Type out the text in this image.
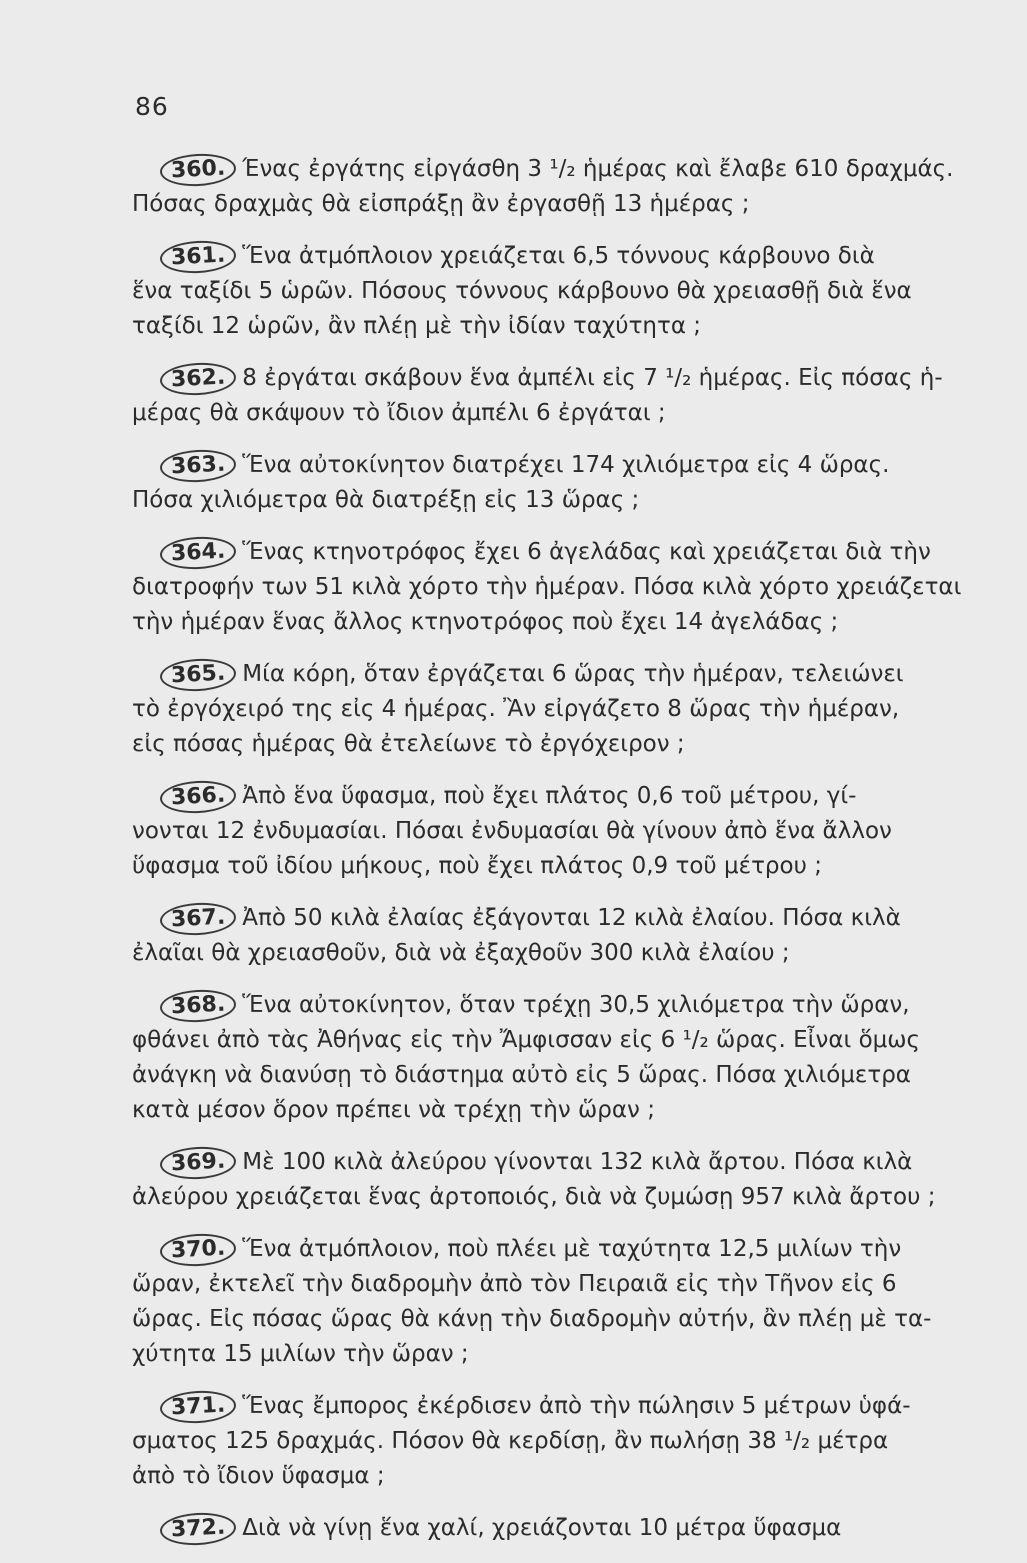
86
360. Ένας ἐργάτης εἰργάσθη 3 ¹/₂ ἡμέρας καὶ ἔλαβε 610 δραχμάς.
Πόσας δραχμὰς θὰ εἰσπράξῃ ἂν ἐργασθῇ 13 ἡμέρας ;
361. Ἕνα ἀτμόπλοιον χρειάζεται 6,5 τόννους κάρβουνο διὰ
ἕνα ταξίδι 5 ὡρῶν. Πόσους τόννους κάρβουνο θὰ χρειασθῇ διὰ ἕνα
ταξίδι 12 ὡρῶν, ἂν πλέῃ μὲ τὴν ἰδίαν ταχύτητα ;
362. 8 ἐργάται σκάβουν ἕνα ἀμπέλι εἰς 7 ¹/₂ ἡμέρας. Εἰς πόσας ἡ-
μέρας θὰ σκάψουν τὸ ἴδιον ἀμπέλι 6 ἐργάται ;
363. Ἕνα αὐτοκίνητον διατρέχει 174 χιλιόμετρα εἰς 4 ὥρας.
Πόσα χιλιόμετρα θὰ διατρέξῃ εἰς 13 ὥρας ;
364. Ἕνας κτηνοτρόφος ἔχει 6 ἀγελάδας καὶ χρειάζεται διὰ τὴν
διατροφήν των 51 κιλὰ χόρτο τὴν ἡμέραν. Πόσα κιλὰ χόρτο χρειάζεται
τὴν ἡμέραν ἕνας ἄλλος κτηνοτρόφος ποὺ ἔχει 14 ἀγελάδας ;
365. Μία κόρη, ὅταν ἐργάζεται 6 ὥρας τὴν ἡμέραν, τελειώνει
τὸ ἐργόχειρό της εἰς 4 ἡμέρας. Ἂν εἰργάζετο 8 ὥρας τὴν ἡμέραν,
εἰς πόσας ἡμέρας θὰ ἐτελείωνε τὸ ἐργόχειρον ;
366. Ἀπὸ ἕνα ὕφασμα, ποὺ ἔχει πλάτος 0,6 τοῦ μέτρου, γί-
νονται 12 ἐνδυμασίαι. Πόσαι ἐνδυμασίαι θὰ γίνουν ἀπὸ ἕνα ἄλλον
ὕφασμα τοῦ ἰδίου μήκους, ποὺ ἔχει πλάτος 0,9 τοῦ μέτρου ;
367. Ἀπὸ 50 κιλὰ ἐλαίας ἐξάγονται 12 κιλὰ ἐλαίου. Πόσα κιλὰ
ἐλαῖαι θὰ χρειασθοῦν, διὰ νὰ ἐξαχθοῦν 300 κιλὰ ἐλαίου ;
368. Ἕνα αὐτοκίνητον, ὅταν τρέχῃ 30,5 χιλιόμετρα τὴν ὥραν,
φθάνει ἀπὸ τὰς Ἀθήνας εἰς τὴν Ἄμφισσαν εἰς 6 ¹/₂ ὥρας. Εἶναι ὅμως
ἀνάγκη νὰ διανύσῃ τὸ διάστημα αὐτὸ εἰς 5 ὥρας. Πόσα χιλιόμετρα
κατὰ μέσον ὅρον πρέπει νὰ τρέχῃ τὴν ὥραν ;
369. Μὲ 100 κιλὰ ἀλεύρου γίνονται 132 κιλὰ ἄρτου. Πόσα κιλὰ
ἀλεύρου χρειάζεται ἕνας ἀρτοποιός, διὰ νὰ ζυμώσῃ 957 κιλὰ ἄρτου ;
370. Ἕνα ἀτμόπλοιον, ποὺ πλέει μὲ ταχύτητα 12,5 μιλίων τὴν
ὥραν, ἐκτελεῖ τὴν διαδρομὴν ἀπὸ τὸν Πειραιᾶ εἰς τὴν Τῆνον εἰς 6
ὥρας. Εἰς πόσας ὥρας θὰ κάνῃ τὴν διαδρομὴν αὐτήν, ἂν πλέῃ μὲ τα-
χύτητα 15 μιλίων τὴν ὥραν ;
371. Ἕνας ἔμπορος ἐκέρδισεν ἀπὸ τὴν πώλησιν 5 μέτρων ὑφά-
σματος 125 δραχμάς. Πόσον θὰ κερδίσῃ, ἂν πωλήσῃ 38 ¹/₂ μέτρα
ἀπὸ τὸ ἴδιον ὕφασμα ;
372. Διὰ νὰ γίνῃ ἕνα χαλί, χρειάζονται 10 μέτρα ὕφασμα
